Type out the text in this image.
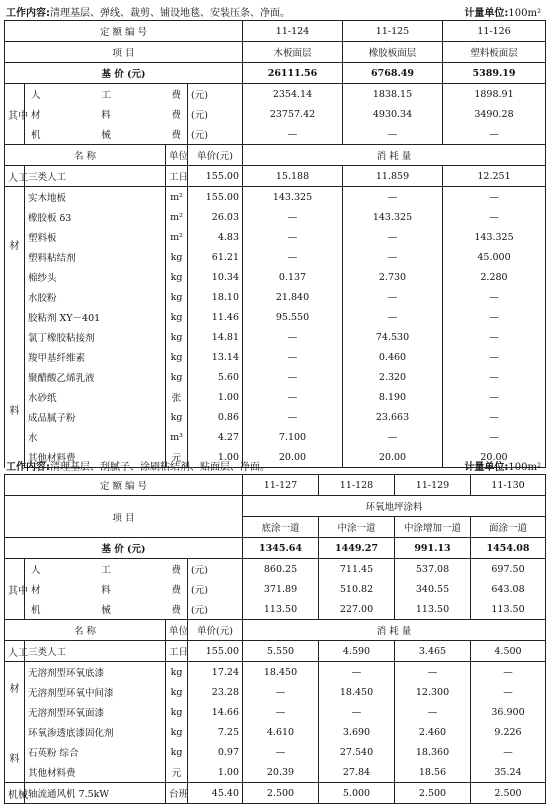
工作内容:清理基层、弹线、裁剪、铺设地毯、安装压条、净面。	计量单位:100m²
定 额 编 号				11-124	11-125	11-126
项 目				木板面层	橡胶板面层	塑料板面层
基 价 (元)				26111.56	6768.49	5389.19
其中	人工费		(元)	2354.14	1838.15	1898.91
	材料费		(元)	23757.42	4930.34	3490.28
	机械费		(元)	—	—	—
名 称		单位	单价(元)	消 耗 量		
人工	三类人工	工日	155.00	15.188	11.859	12.251

材
料	实木地板	m²	155.00	143.325	—	—
	橡胶板 δ3	m²	26.03	—	143.325	—
	塑料板	m²	4.83	—	—	143.325
	塑料粘结剂	kg	61.21	—	—	45.000
	棉纱头	kg	10.34	0.137	2.730	2.280
	水胶粉	kg	18.10	21.840	—	—
	胶粘剂 XY－401	kg	11.46	95.550	—	—
	氯丁橡胶粘接剂	kg	14.81	—	74.530	—
	羧甲基纤维素	kg	13.14	—	0.460	—
	聚醋酸乙烯乳液	kg	5.60	—	2.320	—
	水砂纸	张	1.00	—	8.190	—
	成品腻子粉	kg	0.86	—	23.663	—
	水	m³	4.27	7.100	—	—
	其他材料费	元	1.00	20.00	20.00	20.00
工作内容:清理基层、刮腻子、涂刷粘结剂、贴面层、净面。	计量单位:100m²
定 额 编 号				11-127	11-128	11-129	11-130
项 目				环氧地坪涂料			
				底涂一道	中涂一道	中涂增加一道	面涂一道
基 价 (元)				1345.64	1449.27	991.13	1454.08
其中	人工费		(元)	860.25	711.45	537.08	697.50
	材料费		(元)	371.89	510.82	340.55	643.08
	机械费		(元)	113.50	227.00	113.50	113.50
名 称		单位	单价(元)	消 耗 量			
人工	三类人工	工日	155.00	5.550	4.590	3.465	4.500

材
料	无溶剂型环氧底漆	kg	17.24	18.450	—	—	—
	无溶剂型环氧中间漆	kg	23.28	—	18.450	12.300	—
	无溶剂型环氧面漆	kg	14.66	—	—	—	36.900
	环氧渗透底漆固化剂	kg	7.25	4.610	3.690	2.460	9.226
	石英粉 综合	kg	0.97	—	27.540	18.360	—
	其他材料费	元	1.00	20.39	27.84	18.56	35.24
机械	轴流通风机 7.5kW	台班	45.40	2.500	5.000	2.500	2.500
